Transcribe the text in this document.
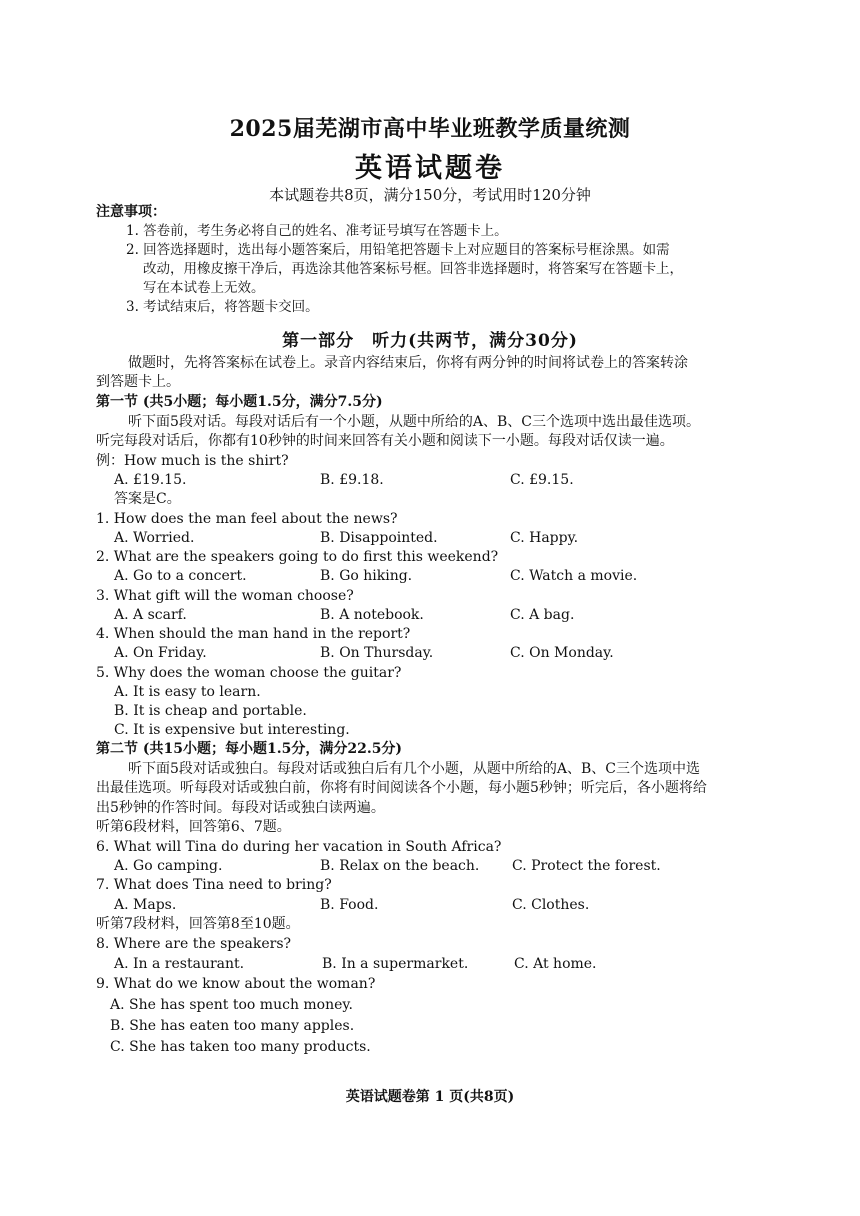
2025届芜湖市高中毕业班教学质量统测
英语试题卷
本试题卷共8页，满分150分，考试用时120分钟
注意事项：
1. 答卷前，考生务必将自己的姓名、准考证号填写在答题卡上。
2. 回答选择题时，选出每小题答案后，用铅笔把答题卡上对应题目的答案标号框涂黑。如需
改动，用橡皮擦干净后，再选涂其他答案标号框。回答非选择题时，将答案写在答题卡上，
写在本试卷上无效。
3. 考试结束后，将答题卡交回。
第一部分　听力(共两节，满分30分)
做题时，先将答案标在试卷上。录音内容结束后，你将有两分钟的时间将试卷上的答案转涂
到答题卡上。
第一节 (共5小题；每小题1.5分，满分7.5分)
听下面5段对话。每段对话后有一个小题，从题中所给的A、B、C三个选项中选出最佳选项。
听完每段对话后，你都有10秒钟的时间来回答有关小题和阅读下一小题。每段对话仅读一遍。
例：How much is the shirt?
A. £19.15.	B. £9.18.	C. £9.15.
答案是C。
1. How does the man feel about the news?
A. Worried.	B. Disappointed.	C. Happy.
2. What are the speakers going to do first this weekend?
A. Go to a concert.	B. Go hiking.	C. Watch a movie.
3. What gift will the woman choose?
A. A scarf.	B. A notebook.	C. A bag.
4. When should the man hand in the report?
A. On Friday.	B. On Thursday.	C. On Monday.
5. Why does the woman choose the guitar?
A. It is easy to learn.
B. It is cheap and portable.
C. It is expensive but interesting.
第二节 (共15小题；每小题1.5分，满分22.5分)
听下面5段对话或独白。每段对话或独白后有几个小题，从题中所给的A、B、C三个选项中选
出最佳选项。听每段对话或独白前，你将有时间阅读各个小题，每小题5秒钟；听完后，各小题将给
出5秒钟的作答时间。每段对话或独白读两遍。
听第6段材料，回答第6、7题。
6. What will Tina do during her vacation in South Africa?
A. Go camping.	B. Relax on the beach. C. Protect the forest.
7. What does Tina need to bring?
A. Maps.	B. Food.	C. Clothes.
听第7段材料，回答第8至10题。
8. Where are the speakers?
A. In a restaurant.	B. In a supermarket.	C. At home.
9. What do we know about the woman?
A. She has spent too much money.
B. She has eaten too many apples.
C. She has taken too many products.
英语试题卷第 1 页(共8页)
